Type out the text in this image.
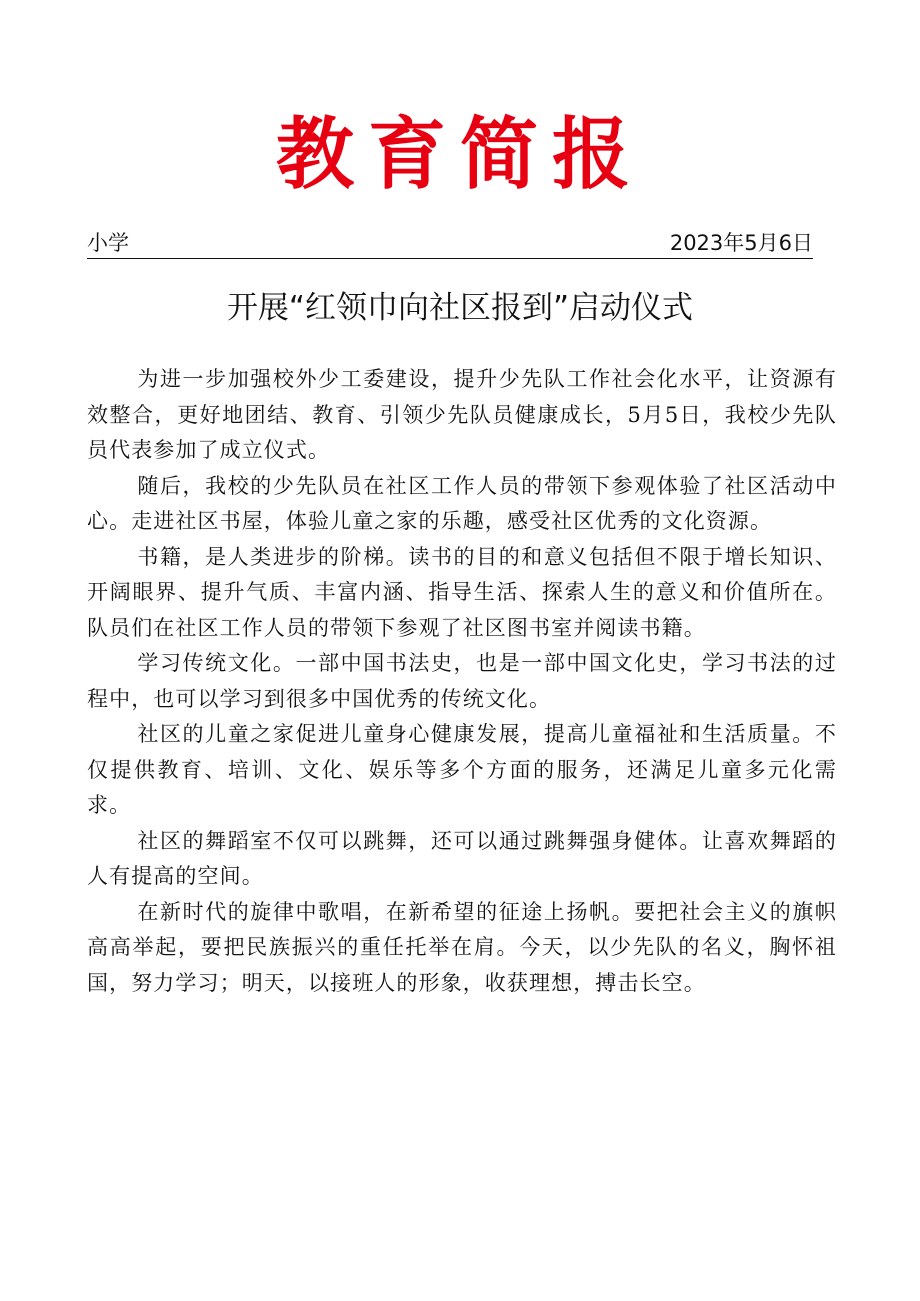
教育简报
小学	2023年5月6日
开展“红领巾向社区报到”启动仪式

为进一步加强校外少工委建设，提升少先队工作社会化水平，让资源有效整合，更好地团结、教育、引领少先队员健康成长，5月5日，我校少先队员代表参加了成立仪式。

随后，我校的少先队员在社区工作人员的带领下参观体验了社区活动中心。走进社区书屋，体验儿童之家的乐趣，感受社区优秀的文化资源。

书籍，是人类进步的阶梯。读书的目的和意义包括但不限于增长知识、开阔眼界、提升气质、丰富内涵、指导生活、探索人生的意义和价值所在。队员们在社区工作人员的带领下参观了社区图书室并阅读书籍。

学习传统文化。一部中国书法史，也是一部中国文化史，学习书法的过程中，也可以学习到很多中国优秀的传统文化。

社区的儿童之家促进儿童身心健康发展，提高儿童福祉和生活质量。不仅提供教育、培训、文化、娱乐等多个方面的服务，还满足儿童多元化需求。

社区的舞蹈室不仅可以跳舞，还可以通过跳舞强身健体。让喜欢舞蹈的人有提高的空间。

在新时代的旋律中歌唱，在新希望的征途上扬帆。要把社会主义的旗帜高高举起，要把民族振兴的重任托举在肩。今天，以少先队的名义，胸怀祖国，努力学习；明天，以接班人的形象，收获理想，搏击长空。
